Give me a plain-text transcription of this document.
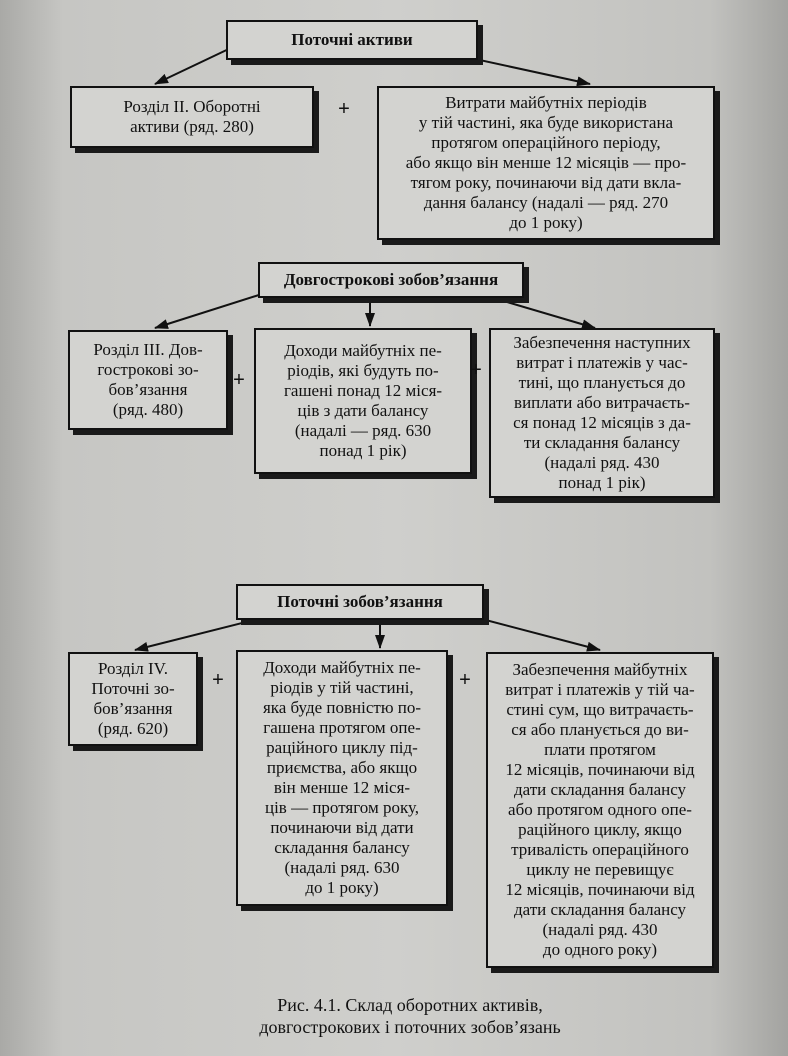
Поточні активи
Розділ II. Оборотні
активи (ряд. 280)
+	Витрати майбутніх періодів
у тій частині, яка буде використана
протягом операційного періоду,
або якщо він менше 12 місяців — про-
тягом року, починаючи від дати вкла-
дання балансу (надалі — ряд. 270
до 1 року)
Довгострокові зобов’язання
Розділ III. Дов-
гострокові зо-
бов’язання
(ряд. 480)
+
Доходи майбутніх пе-
ріодів, які будуть по-
гашені понад 12 міся-
ців з дати балансу
(надалі — ряд. 630
понад 1 рік)
+
Забезпечення наступних
витрат і платежів у час-
тині, що планується до
виплати або витрачаєть-
ся понад 12 місяців з да-
ти складання балансу
(надалі ряд. 430
понад 1 рік)
Поточні зобов’язання
Розділ IV.
Поточні зо-
бов’язання
(ряд. 620)
+
Доходи майбутніх пе-
ріодів у тій частині,
яка буде повністю по-
гашена протягом опе-
раційного циклу під-
приємства, або якщо
він менше 12 міся-
ців — протягом року,
починаючи від дати
складання балансу
(надалі ряд. 630
до 1 року)
+	Забезпечення майбутніх
витрат і платежів у тій ча-
стині сум, що витрачаєть-
ся або планується до ви-
плати протягом
12 місяців, починаючи від
дати складання балансу
або протягом одного опе-
раційного циклу, якщо
тривалість операційного
циклу не перевищує
12 місяців, починаючи від
дати складання балансу
(надалі ряд. 430
до одного року)
Рис. 4.1. Склад оборотних активів,
довгострокових і поточних зобов’язань
